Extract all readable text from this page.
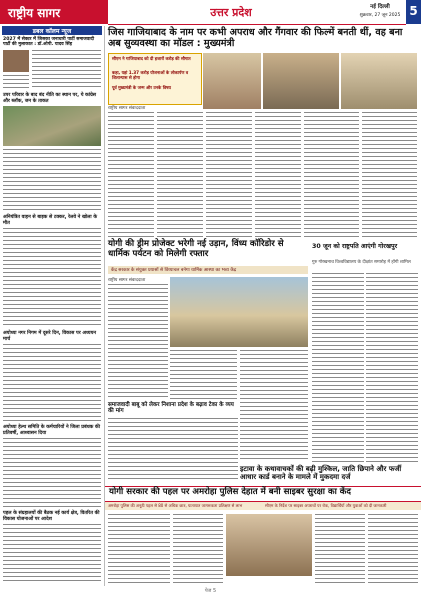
राष्ट्रीय सागर	उत्तर प्रदेश	नई दिल्ली
शुक्रवार, 27 जून 2025 5
डबल कॉलम न्यूज
2027 में सेक्टर में जिसका जनाधारी पार्टी समाजवादी पार्टी की मुलाकात : डॉ.ओपी. यादव सिंह
उपर परिवार के बाद बंद नीति का स्थान पर, ये कांग्रेस और ब्लॉक, जन के ताकत
अनियंत्रित वाहन से बाइक से टक्कर, रेलवे ने खोला के मौत
अयोध्या नगर निगम में दूसरे दिन, विकास पर अध्ययन मार्च
अयोध्या हेल्थ समिति के कर्मचारियों ने जिला प्रबंधक की प्रतिवर्षी, आश्वासन दिया
पहल के संग्रहालयों की बैठक नई कार्य क्षेत्र, वितरित की विकास योजनाओं पर आदेश
जिस गाजियाबाद के नाम पर कभी अपराध और गैंगवार की फिल्में बनती थीं, वह बना अब सुव्यवस्था का मॉडल : मुख्यमंत्री
सीएम ने गाजियाबाद को दी हजारों करोड़ की सौगात
कहा, यहां 1.37 करोड़ योजनाओं के लोकार्पण व शिलान्यास से होगा
पूर्व मुख्यमंत्री के जन्म और उनके विषय
राष्ट्रीय सागर संवाददाता
योगी की ड्रीम प्रोजेक्ट भरेगी नई उड़ान, विंध्य कॉरिडोर से धार्मिक पर्यटन को मिलेगी रफ्तार
केंद्र सरकार के संयुक्त प्रयासों से विंध्याचल बनेगा धार्मिक आस्था का भव्य केंद्र
राष्ट्रीय सागर संवाददाता
30 जून को राष्ट्रपति आएंगी गोरखपुर
गुरु गोरखनाथ विश्वविद्यालय के दीक्षांत समारोह में होंगी शामिल
समाजवादी बाबू को लेकर निशाना प्रदेश के बढ़ाव टेका के व्यय की मांग
इटावा के कथावाचकों की बढ़ी मुश्किल, जाति छिपाने और फर्जी आधार कार्ड बनाने के मामले में मुकदमा दर्ज
योगी सरकार की पहल पर अमरोहा पुलिस देहात में बनी साइबर सुरक्षा का केंद
अमरोहा पुलिस की अनूठी पहल से 80 से अधिक छात्र, यातायात जागरूकता प्रशिक्षण से लाभ	सीएम के निर्देश पर साइबर अपराधों पर रोक, विद्यार्थियों और युवाओं को दी जानकारी
पेज 5
